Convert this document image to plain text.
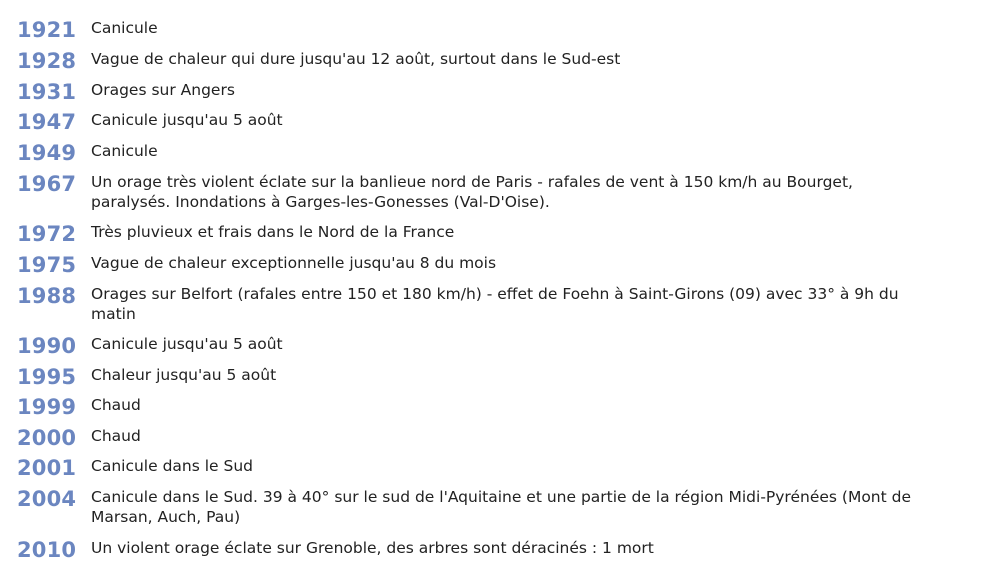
1921 Canicule
1928 Vague de chaleur qui dure jusqu'au 12 août, surtout dans le Sud-est
1931 Orages sur Angers
1947 Canicule jusqu'au 5 août
1949 Canicule
1967 Un orage très violent éclate sur la banlieue nord de Paris - rafales de vent à 150 km/h au Bourget, paralysés. Inondations à Garges-les-Gonesses (Val-D'Oise).
1972 Très pluvieux et frais dans le Nord de la France
1975 Vague de chaleur exceptionnelle jusqu'au 8 du mois
1988 Orages sur Belfort (rafales entre 150 et 180 km/h) - effet de Foehn à Saint-Girons (09) avec 33° à 9h du matin
1990 Canicule jusqu'au 5 août
1995 Chaleur jusqu'au 5 août
1999 Chaud
2000 Chaud
2001 Canicule dans le Sud
2004 Canicule dans le Sud. 39 à 40° sur le sud de l'Aquitaine et une partie de la région Midi-Pyrénées (Mont de Marsan, Auch, Pau)
2010 Un violent orage éclate sur Grenoble, des arbres sont déracinés : 1 mort
